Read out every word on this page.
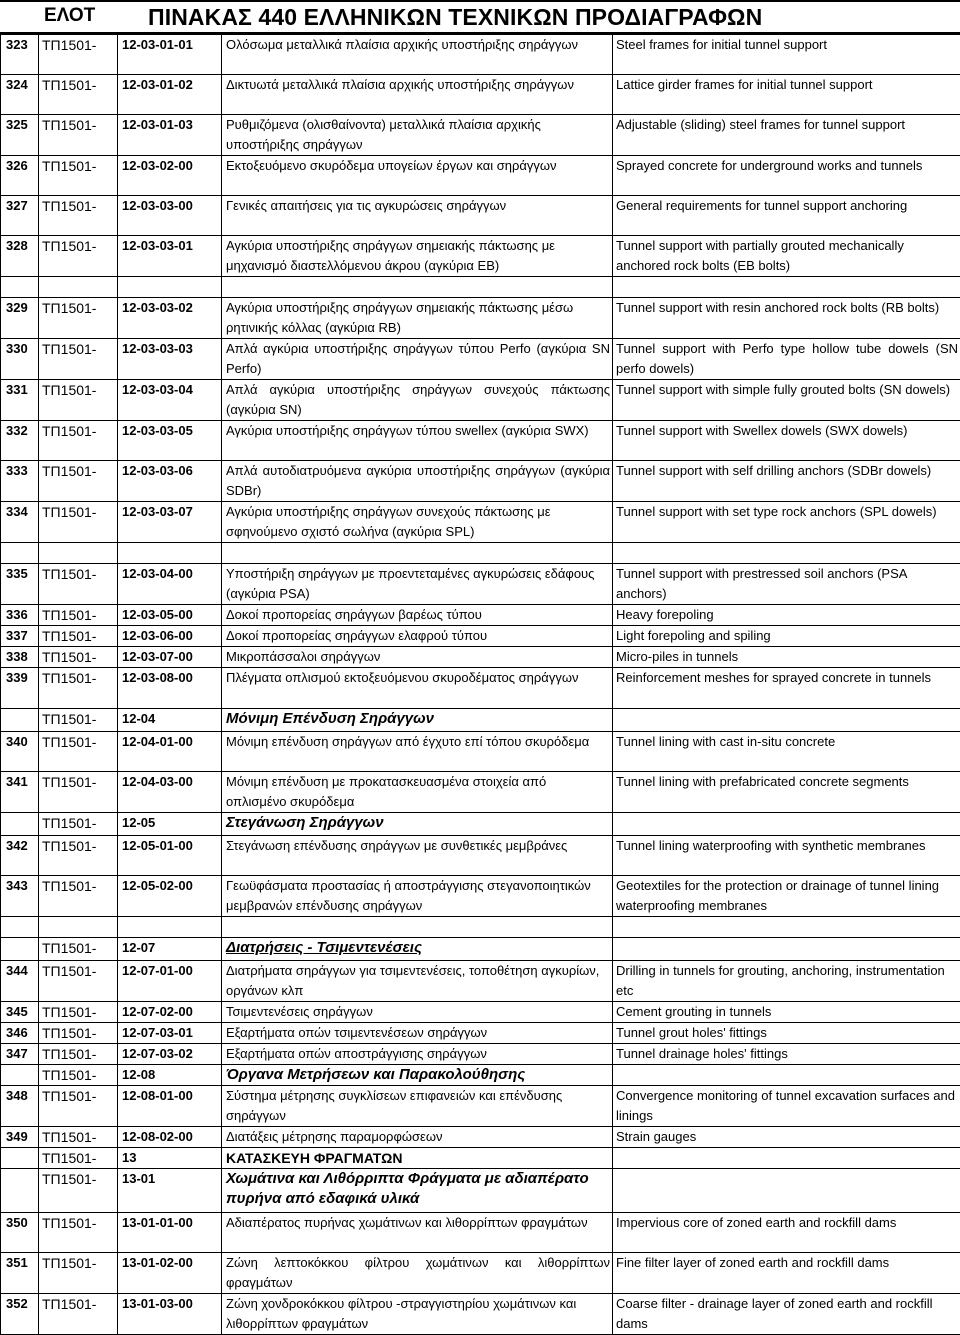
ΕΛΟΤ ΠΙΝΑΚΑΣ 440 ΕΛΛΗΝΙΚΩΝ ΤΕΧΝΙΚΩΝ ΠΡΟΔΙΑΓΡΑΦΩΝ
323	ΤΠ1501-	12-03-01-01	Ολόσωμα μεταλλικά πλαίσια αρχικής υποστήριξης σηράγγων	Steel frames for initial tunnel support
324	ΤΠ1501-	12-03-01-02	Δικτυωτά μεταλλικά πλαίσια αρχικής υποστήριξης σηράγγων	Lattice girder frames for initial tunnel support
325	ΤΠ1501-	12-03-01-03	Ρυθμιζόμενα (ολισθαίνοντα) μεταλλικά πλαίσια αρχικής υποστήριξης σηράγγων	Adjustable (sliding) steel frames for tunnel support
326	ΤΠ1501-	12-03-02-00	Εκτοξευόμενο σκυρόδεμα υπογείων έργων και σηράγγων	Sprayed concrete for underground works and tunnels
327	ΤΠ1501-	12-03-03-00	Γενικές απαιτήσεις για τις αγκυρώσεις σηράγγων	General requirements for tunnel support anchoring
328	ΤΠ1501-	12-03-03-01	Αγκύρια υποστήριξης σηράγγων σημειακής πάκτωσης με μηχανισμό διαστελλόμενου άκρου (αγκύρια ΕΒ)	Tunnel support with partially grouted mechanically anchored rock bolts (EB bolts)

329	ΤΠ1501-	12-03-03-02	Αγκύρια υποστήριξης σηράγγων σημειακής πάκτωσης μέσω ρητινικής κόλλας (αγκύρια RB)	Tunnel support with resin anchored rock bolts (RB bolts)
330	ΤΠ1501-	12-03-03-03	Απλά αγκύρια υποστήριξης σηράγγων τύπου Perfo (αγκύρια SN Perfo)	Tunnel support with Perfo type hollow tube dowels (SN perfo dowels)
331	ΤΠ1501-	12-03-03-04	Απλά αγκύρια υποστήριξης σηράγγων συνεχούς πάκτωσης (αγκύρια SN)	Tunnel support with simple fully grouted bolts (SN dowels)
332	ΤΠ1501-	12-03-03-05	Αγκύρια υποστήριξης σηράγγων τύπου swellex (αγκύρια SWX)	Tunnel support with Swellex dowels (SWX dowels)
333	ΤΠ1501-	12-03-03-06	Απλά αυτοδιατρυόμενα αγκύρια υποστήριξης σηράγγων (αγκύρια SDBr)	Tunnel support with self drilling anchors (SDBr dowels)
334	ΤΠ1501-	12-03-03-07	Αγκύρια υποστήριξης σηράγγων συνεχούς πάκτωσης με σφηνούμενο σχιστό σωλήνα (αγκύρια SPL)	Tunnel support with set type rock anchors (SPL dowels)

335	ΤΠ1501-	12-03-04-00	Υποστήριξη σηράγγων με προεντεταμένες αγκυρώσεις εδάφους (αγκύρια PSA)	Tunnel support with prestressed soil anchors (PSA anchors)
336	ΤΠ1501-	12-03-05-00	Δοκοί προπορείας σηράγγων βαρέως τύπου	Heavy forepoling
337	ΤΠ1501-	12-03-06-00	Δοκοί προπορείας σηράγγων ελαφρού τύπου	Light forepoling and spiling
338	ΤΠ1501-	12-03-07-00	Μικροπάσσαλοι σηράγγων	Micro-piles in tunnels
339	ΤΠ1501-	12-03-08-00	Πλέγματα οπλισμού εκτοξευόμενου σκυροδέματος σηράγγων	Reinforcement meshes for sprayed concrete in tunnels
	ΤΠ1501-	12-04	Μόνιμη Επένδυση Σηράγγων	
340	ΤΠ1501-	12-04-01-00	Μόνιμη επένδυση σηράγγων από έγχυτο επί τόπου σκυρόδεμα	Tunnel lining with cast in-situ concrete
341	ΤΠ1501-	12-04-03-00	Μόνιμη επένδυση με προκατασκευασμένα στοιχεία από οπλισμένο σκυρόδεμα	Tunnel lining with prefabricated concrete segments
	ΤΠ1501-	12-05	Στεγάνωση Σηράγγων	
342	ΤΠ1501-	12-05-01-00	Στεγάνωση επένδυσης σηράγγων με συνθετικές μεμβράνες	Tunnel lining waterproofing with synthetic membranes
343	ΤΠ1501-	12-05-02-00	Γεωϋφάσματα προστασίας ή αποστράγγισης στεγανοποιητικών μεμβρανών επένδυσης σηράγγων	Geotextiles for the protection or drainage of tunnel lining waterproofing membranes

	ΤΠ1501-	12-07	Διατρήσεις - Τσιμεντενέσεις	
344	ΤΠ1501-	12-07-01-00	Διατρήματα σηράγγων για τσιμεντενέσεις, τοποθέτηση αγκυρίων, οργάνων κλπ	Drilling in tunnels for grouting, anchoring, instrumentation etc
345	ΤΠ1501-	12-07-02-00	Τσιμεντενέσεις σηράγγων	Cement grouting in tunnels
346	ΤΠ1501-	12-07-03-01	Εξαρτήματα οπών τσιμεντενέσεων σηράγγων	Tunnel grout holes' fittings
347	ΤΠ1501-	12-07-03-02	Εξαρτήματα οπών αποστράγγισης σηράγγων	Tunnel drainage holes' fittings
	ΤΠ1501-	12-08	Όργανα Μετρήσεων και Παρακολούθησης	
348	ΤΠ1501-	12-08-01-00	Σύστημα μέτρησης συγκλίσεων επιφανειών και επένδυσης σηράγγων	Convergence monitoring of tunnel excavation surfaces and linings
349	ΤΠ1501-	12-08-02-00	Διατάξεις μέτρησης παραμορφώσεων	Strain gauges
	ΤΠ1501-	13	ΚΑΤΑΣΚΕΥΗ ΦΡΑΓΜΑΤΩΝ	
	ΤΠ1501-	13-01	Χωμάτινα και Λιθόρριπτα Φράγματα με αδιαπέρατο πυρήνα από εδαφικά υλικά	
350	ΤΠ1501-	13-01-01-00	Αδιαπέρατος πυρήνας χωμάτινων και λιθορρίπτων φραγμάτων	Impervious core of zoned earth and rockfill dams
351	ΤΠ1501-	13-01-02-00	Ζώνη λεπτοκόκκου φίλτρου χωμάτινων και λιθορρίπτων φραγμάτων	Fine filter layer of zoned earth and rockfill dams
352	ΤΠ1501-	13-01-03-00	Ζώνη χονδροκόκκου φίλτρου -στραγγιστηρίου χωμάτινων και λιθορρίπτων φραγμάτων	Coarse filter - drainage layer of zoned earth and rockfill dams
